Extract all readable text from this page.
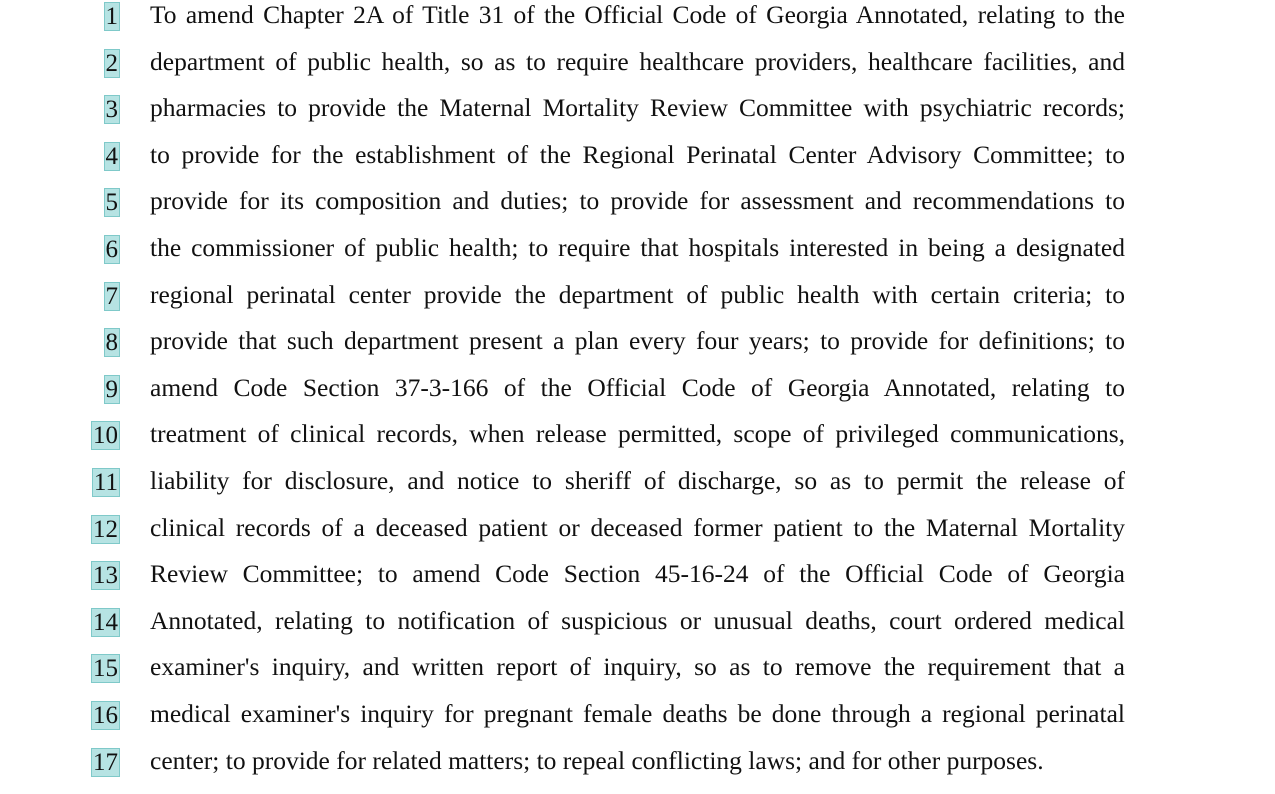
1 To amend Chapter 2A of Title 31 of the Official Code of Georgia Annotated, relating to the
2 department of public health, so as to require healthcare providers, healthcare facilities, and
3 pharmacies to provide the Maternal Mortality Review Committee with psychiatric records;
4 to provide for the establishment of the Regional Perinatal Center Advisory Committee; to
5 provide for its composition and duties; to provide for assessment and recommendations to
6 the commissioner of public health; to require that hospitals interested in being a designated
7 regional perinatal center provide the department of public health with certain criteria; to
8 provide that such department present a plan every four years; to provide for definitions; to
9 amend Code Section 37-3-166 of the Official Code of Georgia Annotated, relating to
10 treatment of clinical records, when release permitted, scope of privileged communications,
11 liability for disclosure, and notice to sheriff of discharge, so as to permit the release of
12 clinical records of a deceased patient or deceased former patient to the Maternal Mortality
13 Review Committee; to amend Code Section 45-16-24 of the Official Code of Georgia
14 Annotated, relating to notification of suspicious or unusual deaths, court ordered medical
15 examiner's inquiry, and written report of inquiry, so as to remove the requirement that a
16 medical examiner's inquiry for pregnant female deaths be done through a regional perinatal
17 center; to provide for related matters; to repeal conflicting laws; and for other purposes.
